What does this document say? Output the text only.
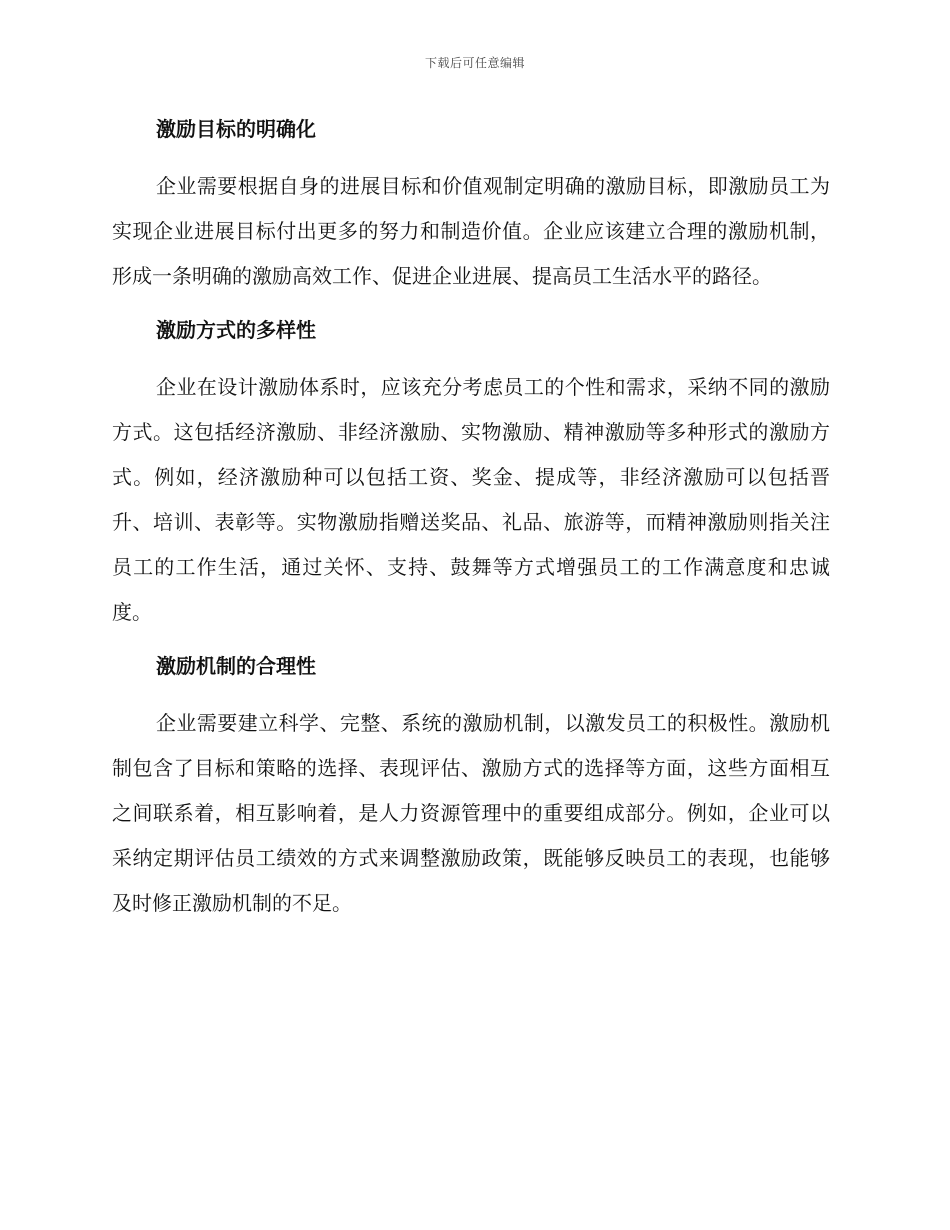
下载后可任意编辑
激励目标的明确化

企业需要根据自身的进展目标和价值观制定明确的激励目标，即激励员工为实现企业进展目标付出更多的努力和制造价值。企业应该建立合理的激励机制，形成一条明确的激励高效工作、促进企业进展、提高员工生活水平的路径。

激励方式的多样性

企业在设计激励体系时，应该充分考虑员工的个性和需求，采纳不同的激励方式。这包括经济激励、非经济激励、实物激励、精神激励等多种形式的激励方式。例如，经济激励种可以包括工资、奖金、提成等，非经济激励可以包括晋升、培训、表彰等。实物激励指赠送奖品、礼品、旅游等，而精神激励则指关注员工的工作生活，通过关怀、支持、鼓舞等方式增强员工的工作满意度和忠诚度。

激励机制的合理性

企业需要建立科学、完整、系统的激励机制，以激发员工的积极性。激励机制包含了目标和策略的选择、表现评估、激励方式的选择等方面，这些方面相互之间联系着，相互影响着，是人力资源管理中的重要组成部分。例如，企业可以采纳定期评估员工绩效的方式来调整激励政策，既能够反映员工的表现，也能够及时修正激励机制的不足。
